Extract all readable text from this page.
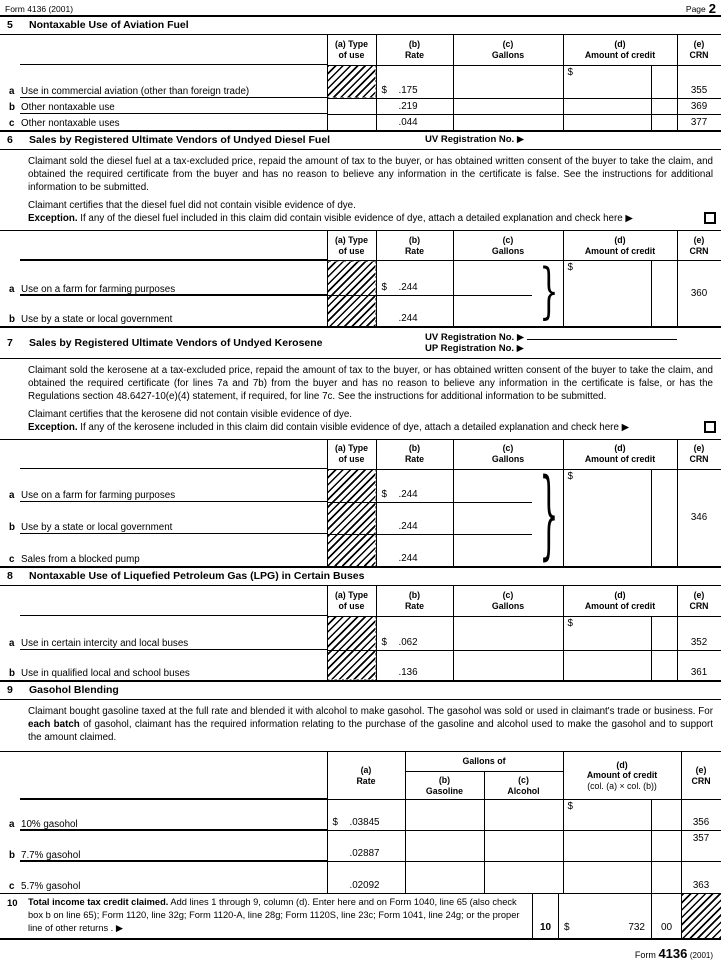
Form 4136 (2001)	Page 2
5	Nontaxable Use of Aviation Fuel

(a) Type
of use

(b)
Rate

(c)
Gallons

(d)
Amount of credit

(e)
CRN

a Use in commercial aviation (other than foreign trade)		$ .175		$		355
b Other nontaxable use		.219				369
c Other nontaxable uses		.044				377
6	Sales by Registered Ultimate Vendors of Undyed Diesel Fuel	UV Registration No. ▶
Claimant sold the diesel fuel at a tax-excluded price, repaid the amount of tax to the buyer, or has obtained written consent of the buyer to take the claim, and obtained the required certificate from the buyer and has no reason to believe any information in the certificate is false. See the instructions for additional information to be submitted.
Claimant certifies that the diesel fuel did not contain visible evidence of dye.
Exception. If any of the diesel fuel included in this claim did contain visible evidence of dye, attach a detailed explanation and check here ▶

(a) Type
of use

(b)
Rate

(c)
Gallons

(d)
Amount of credit

(e)
CRN

a Use on a farm for farming purposes		$ .244	}	$		360
b Use by a state or local government		.244				
7	Sales by Registered Ultimate Vendors of Undyed Kerosene	UV Registration No. ▶
UP Registration No. ▶
Claimant sold the kerosene at a tax-excluded price, repaid the amount of tax to the buyer, or has obtained written consent of the buyer to take the claim, and obtained the required certificate (for lines 7a and 7b) from the buyer and has no reason to believe any information in the certificate is false, or has the Regulations section 48.6427-10(e)(4) statement, if required, for line 7c. See the instructions for additional information to be submitted.
Claimant certifies that the kerosene did not contain visible evidence of dye.
Exception. If any of the kerosene included in this claim did contain visible evidence of dye, attach a detailed explanation and check here ▶

(a) Type
of use

(b)
Rate

(c)
Gallons

(d)
Amount of credit

(e)
CRN

a Use on a farm for farming purposes		$ .244	}	$		346
b Use by a state or local government		.244				
c Sales from a blocked pump		.244				
8	Nontaxable Use of Liquefied Petroleum Gas (LPG) in Certain Buses

(a) Type
of use

(b)
Rate

(c)
Gallons

(d)
Amount of credit

(e)
CRN

a Use in certain intercity and local buses		$ .062		$		352
b Use in qualified local and school buses		.136				361
9	Gasohol Blending
Claimant bought gasoline taxed at the full rate and blended it with alcohol to make gasohol. The gasohol was sold or used in claimant's trade or business. For each batch of gasohol, claimant has the required information relating to the purchase of the gasoline and alcohol used to make the gasohol and to support the amount claimed.

(a)
Rate

Gallons of	(d)
Amount of credit
(col. (a) × col. (b))

(e)
CRN

(b)
Gasoline

(c)
Alcohol

a 10% gasohol	$ .03845			$		356
b 7.7% gasohol	.02887					357
c 5.7% gasohol	.02092					363
10 Total income tax credit claimed. Add lines 1 through 9, column (d). Enter here and on Form 1040, line 65 (also check box b on line 65); Form 1120, line 32g; Form 1120-A, line 28g; Form 1120S, line 23c; Form 1041, line 24g; or the proper line of other returns . ▶	10	$	732	00
Form 4136 (2001)
